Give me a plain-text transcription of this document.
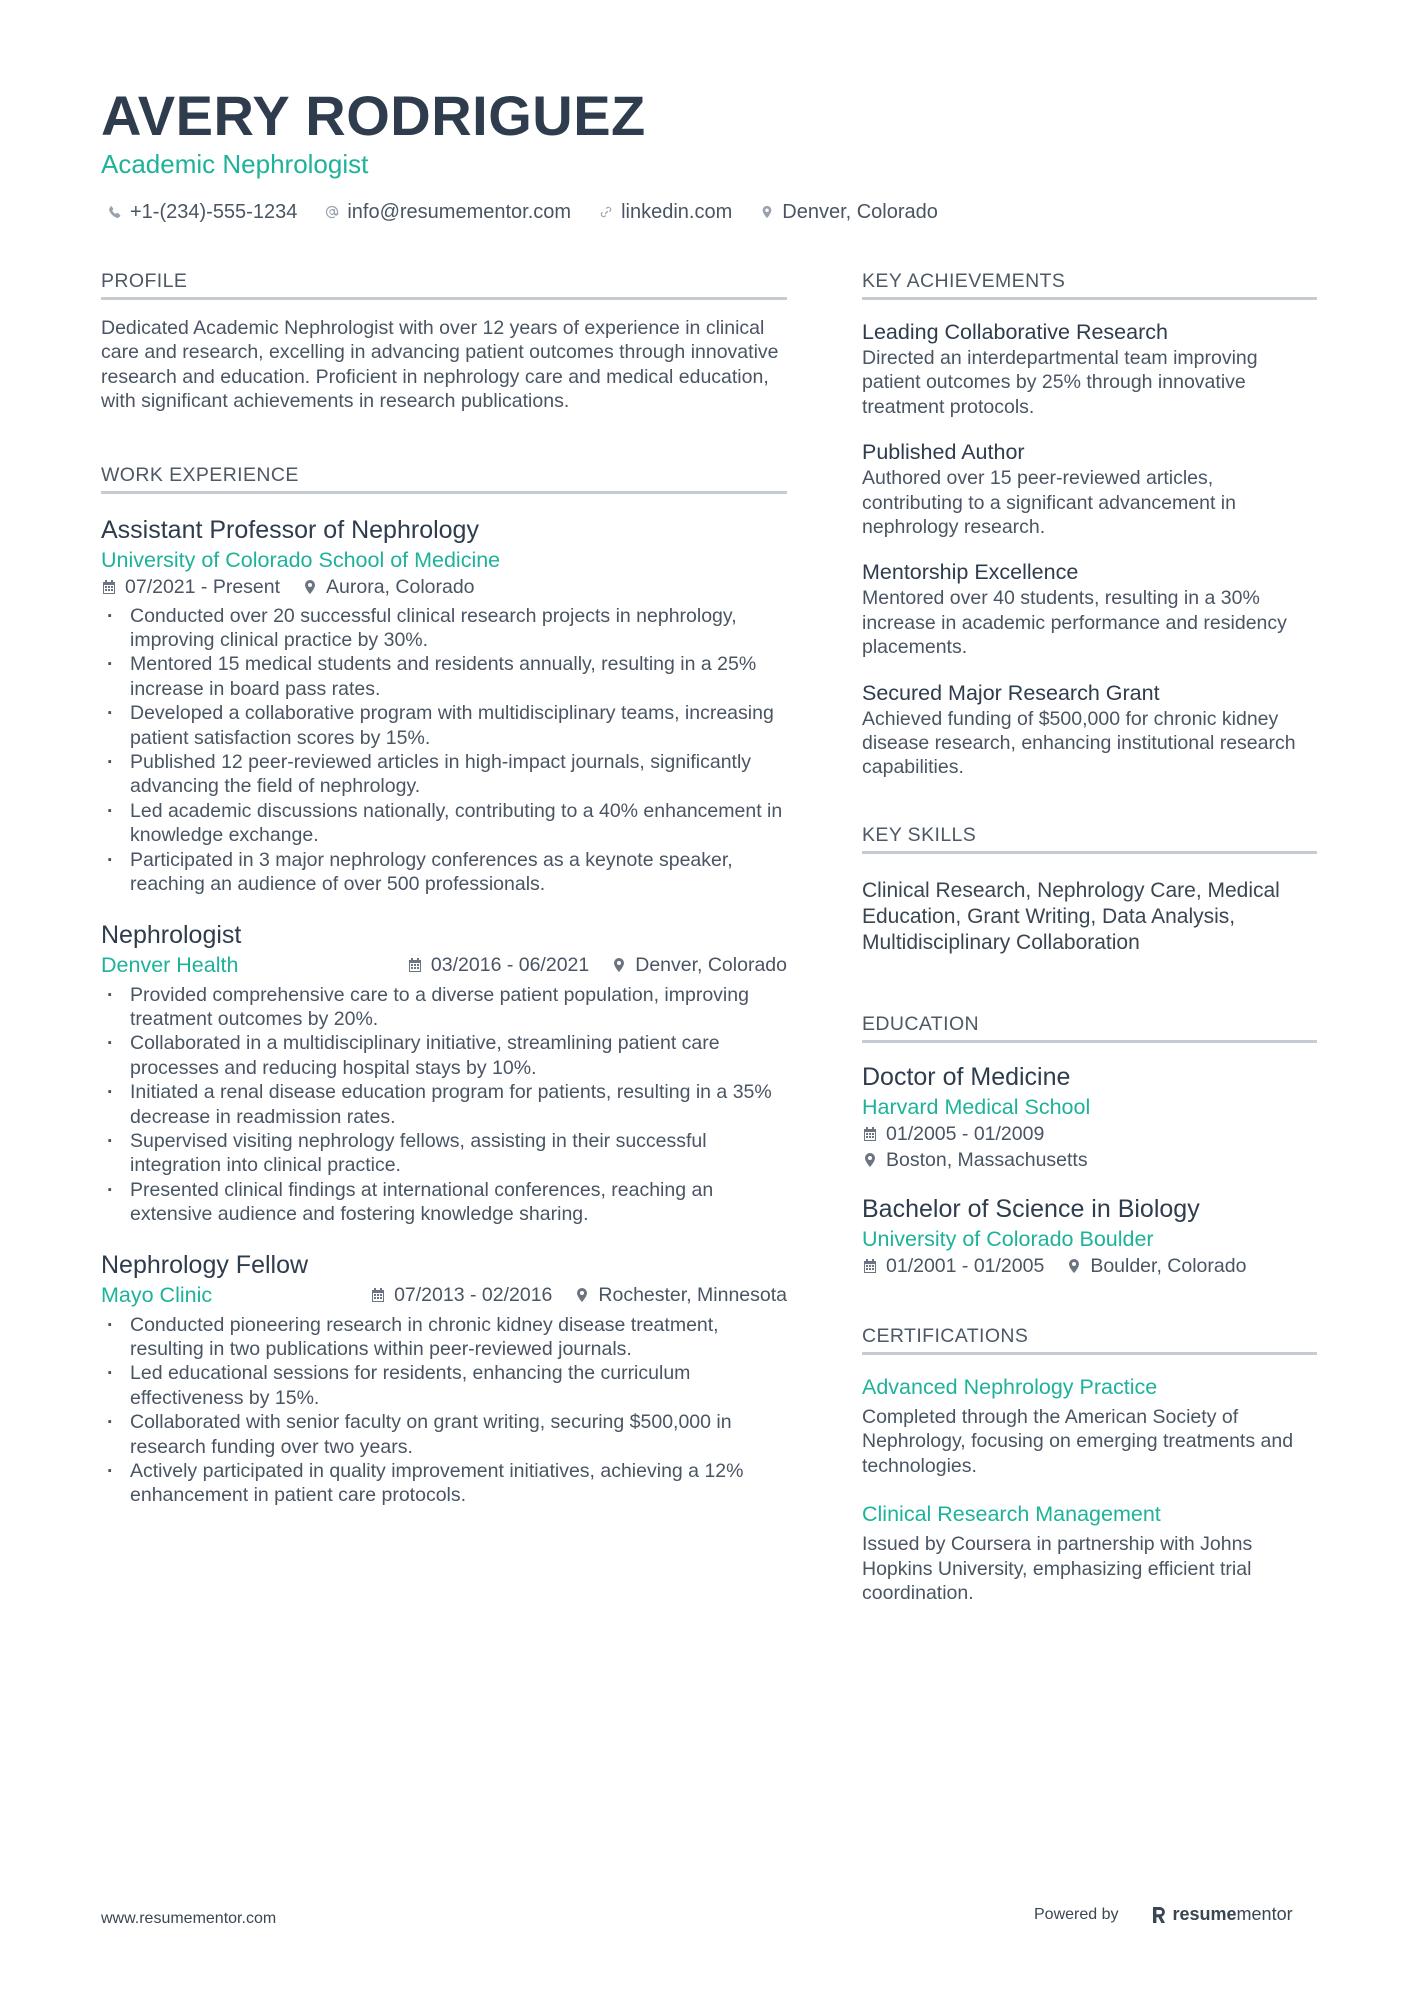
AVERY RODRIGUEZ
Academic Nephrologist
+1-(234)-555-1234	info@resumementor.com	linkedin.com	Denver, Colorado
PROFILE
Dedicated Academic Nephrologist with over 12 years of experience in clinical care and research, excelling in advancing patient outcomes through innovative research and education. Proficient in nephrology care and medical education, with significant achievements in research publications.
WORK EXPERIENCE
Assistant Professor of Nephrology
University of Colorado School of Medicine
07/2021 - Present Aurora, Colorado
· Conducted over 20 successful clinical research projects in nephrology, improving clinical practice by 30%.
· Mentored 15 medical students and residents annually, resulting in a 25% increase in board pass rates.
· Developed a collaborative program with multidisciplinary teams, increasing patient satisfaction scores by 15%.
· Published 12 peer-reviewed articles in high-impact journals, significantly advancing the field of nephrology.
· Led academic discussions nationally, contributing to a 40% enhancement in knowledge exchange.
· Participated in 3 major nephrology conferences as a keynote speaker, reaching an audience of over 500 professionals.
Nephrologist
Denver Health	03/2016 - 06/2021 Denver, Colorado
· Provided comprehensive care to a diverse patient population, improving treatment outcomes by 20%.
· Collaborated in a multidisciplinary initiative, streamlining patient care processes and reducing hospital stays by 10%.
· Initiated a renal disease education program for patients, resulting in a 35% decrease in readmission rates.
· Supervised visiting nephrology fellows, assisting in their successful integration into clinical practice.
· Presented clinical findings at international conferences, reaching an extensive audience and fostering knowledge sharing.
Nephrology Fellow
Mayo Clinic	07/2013 - 02/2016 Rochester, Minnesota
· Conducted pioneering research in chronic kidney disease treatment, resulting in two publications within peer-reviewed journals.
· Led educational sessions for residents, enhancing the curriculum effectiveness by 15%.
· Collaborated with senior faculty on grant writing, securing $500,000 in research funding over two years.
· Actively participated in quality improvement initiatives, achieving a 12% enhancement in patient care protocols.
KEY ACHIEVEMENTS
Leading Collaborative Research
Directed an interdepartmental team improving patient outcomes by 25% through innovative treatment protocols.
Published Author
Authored over 15 peer-reviewed articles, contributing to a significant advancement in nephrology research.
Mentorship Excellence
Mentored over 40 students, resulting in a 30% increase in academic performance and residency placements.
Secured Major Research Grant
Achieved funding of $500,000 for chronic kidney disease research, enhancing institutional research capabilities.
KEY SKILLS
Clinical Research, Nephrology Care, Medical Education, Grant Writing, Data Analysis, Multidisciplinary Collaboration
EDUCATION
Doctor of Medicine
Harvard Medical School
01/2005 - 01/2009
Boston, Massachusetts
Bachelor of Science in Biology
University of Colorado Boulder
01/2001 - 01/2005 Boulder, Colorado
CERTIFICATIONS
Advanced Nephrology Practice
Completed through the American Society of Nephrology, focusing on emerging treatments and technologies.
Clinical Research Management
Issued by Coursera in partnership with Johns Hopkins University, emphasizing efficient trial coordination.
www.resumementor.com	Powered by	resume mentor
